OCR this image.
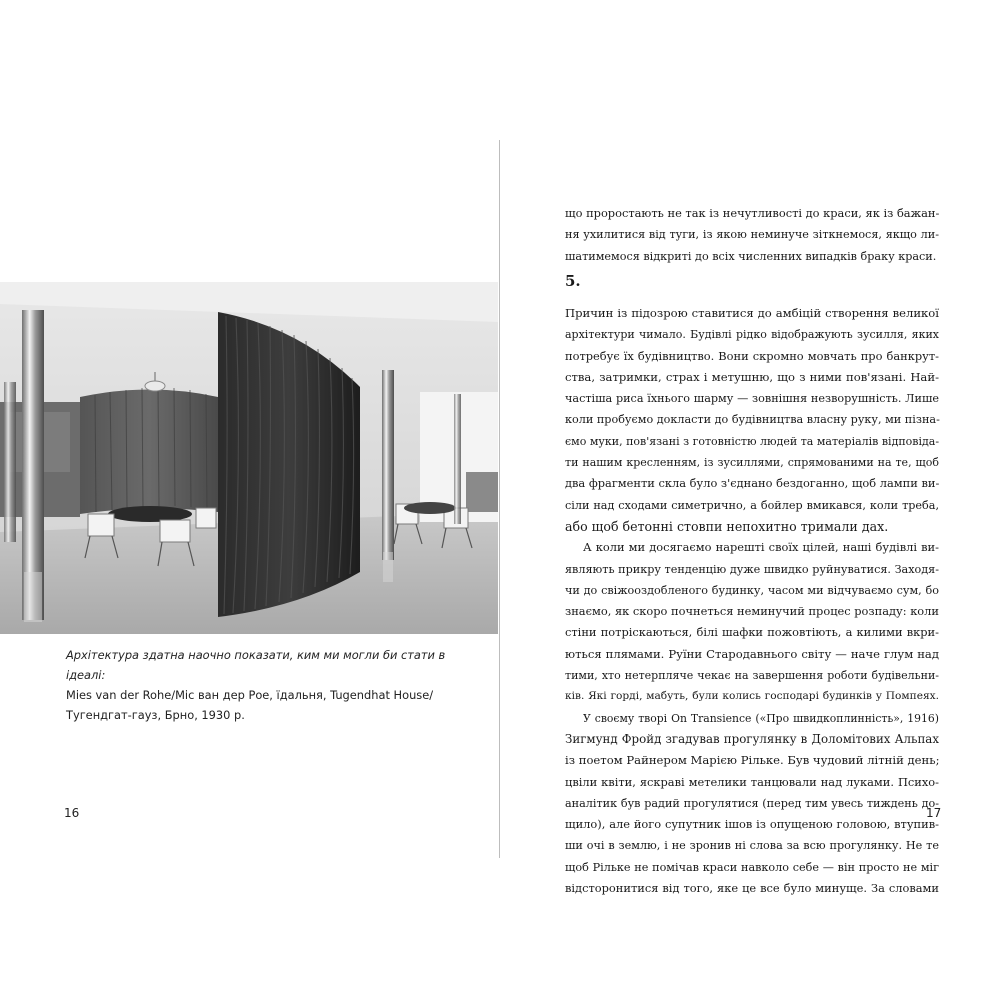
Архітектура здатна наочно показати, ким ми могли би стати в ідеалі:
Mies van der Rohe/Міс ван дер Рое, їдальня, Tugendhat House/
Тугендгат-гауз, Брно, 1930 р.
16
що проростають не так із нечутливості до краси, як із бажан-
ня ухилитися від туги, із якою неминуче зіткнемося, якщо ли-
шатимемося відкриті до всіх численних випадків браку краси.
5.
Причин із підозрою ставитися до амбіцій створення великої
архітектури чимало. Будівлі рідко відображують зусилля, яких
потребує їх будівництво. Вони скромно мовчать про банкрут-
ства, затримки, страх і метушню, що з ними пов'язані. Най-
частіша риса їхнього шарму — зовнішня незворушність. Лише
коли пробуємо докласти до будівництва власну руку, ми пізна-
ємо муки, пов'язані з готовністю людей та матеріалів відповіда-
ти нашим кресленням, із зусиллями, спрямованими на те, щоб
два фрагменти скла було з'єднано бездоганно, щоб лампи ви-
сіли над сходами симетрично, а бойлер вмикався, коли треба,
або щоб бетонні стовпи непохитно тримали дах.
А коли ми досягаємо нарешті своїх цілей, наші будівлі ви-
являють прикру тенденцію дуже швидко руйнуватися. Заходя-
чи до свіжооздобленого будинку, часом ми відчуваємо сум, бо
знаємо, як скоро почнеться неминучий процес розпаду: коли
стіни потріскаються, білі шафки пожовтіють, а килими вкри-
ються плямами. Руїни Стародавнього світу — наче глум над
тими, хто нетерпляче чекає на завершення роботи будівельни-
ків. Які горді, мабуть, були колись господарі будинків у Помпеях.
У своєму творі On Transience («Про швидкоплинність», 1916)
Зигмунд Фройд згадував прогулянку в Доломітових Альпах
із поетом Райнером Марією Рільке. Був чудовий літній день;
цвіли квіти, яскраві метелики танцювали над луками. Психо-
аналітик був радий прогулятися (перед тим увесь тиждень до-
щило), але його супутник ішов із опущеною головою, втупив-
ши очі в землю, і не зронив ні слова за всю прогулянку. Не те
щоб Рільке не помічав краси навколо себе — він просто не міг
відсторонитися від того, яке це все було минуще. За словами
17
